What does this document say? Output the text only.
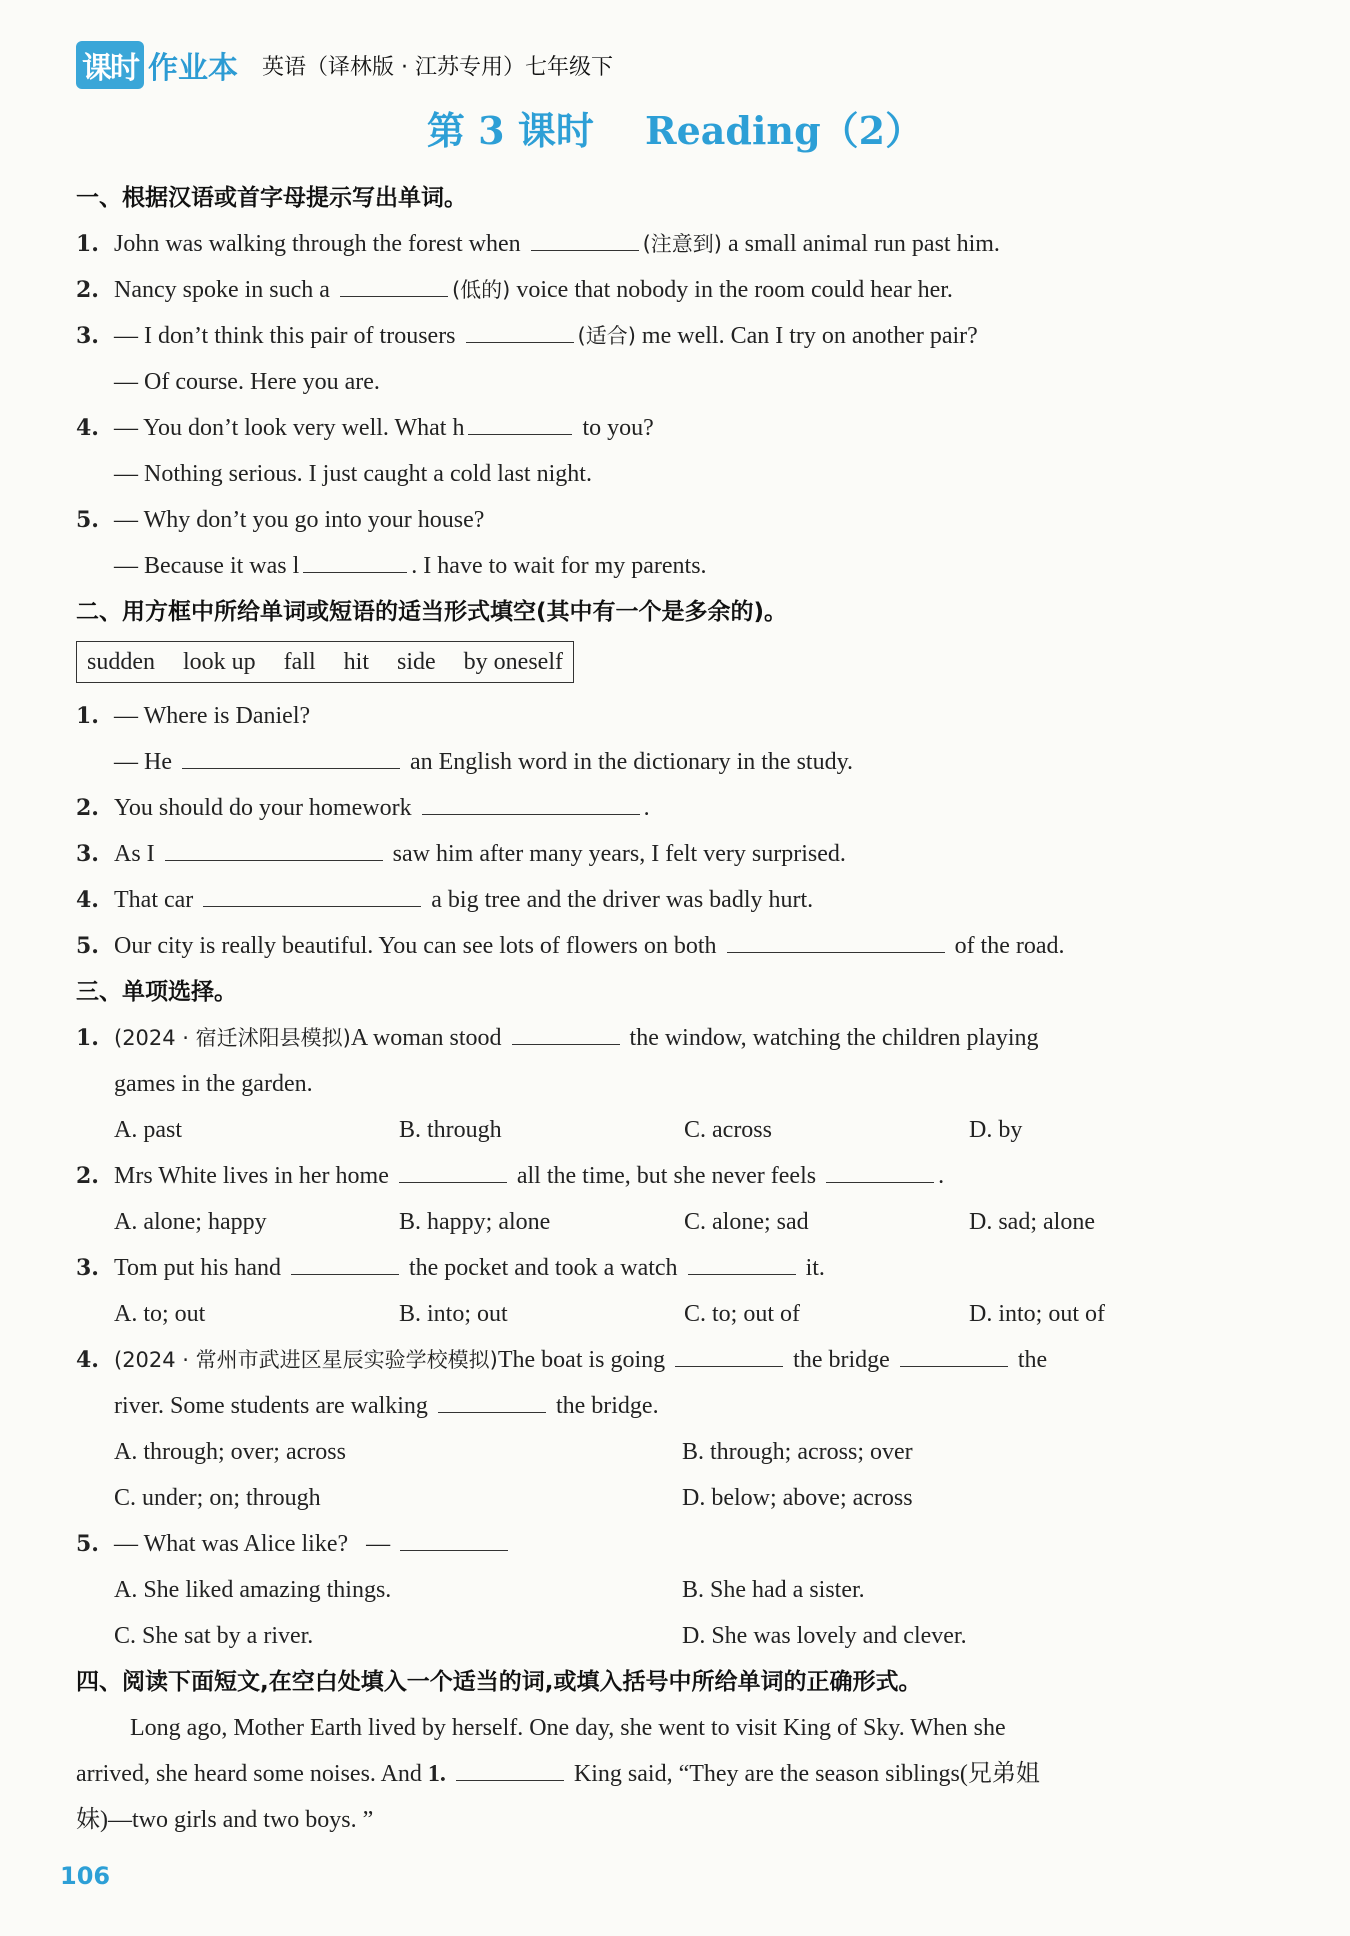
课时 作业本 英语（译林版 · 江苏专用）七年级下
第 3 课时　 Reading（2）
一、根据汉语或首字母提示写出单词。
1. John was walking through the forest when	(注意到) a small animal run past him.
2. Nancy spoke in such a	(低的) voice that nobody in the room could hear her.
3. — I don’t think this pair of trousers	(适合) me well. Can I try on another pair?
— Of course. Here you are.
4. — You don’t look very well. What h	to you?
— Nothing serious. I just caught a cold last night.
5. — Why don’t you go into your house?
— Because it was l	. I have to wait for my parents.
二、用方框中所给单词或短语的适当形式填空(其中有一个是多余的)。
sudden look up fall hit side by oneself
1. — Where is Daniel?
— He	an English word in the dictionary in the study.
2. You should do your homework	.
3. As I	saw him after many years, I felt very surprised.
4. That car	a big tree and the driver was badly hurt.
5. Our city is really beautiful. You can see lots of flowers on both	of the road.
三、单项选择。
1. (2024 · 宿迁沭阳县模拟)A woman stood	the window, watching the children playing
games in the garden.
A. past	B. through	C. across	D. by
2. Mrs White lives in her home	all the time, but she never feels	.
A. alone; happy	B. happy; alone	C. alone; sad	D. sad; alone
3. Tom put his hand	the pocket and took a watch	it.
A. to; out	B. into; out	C. to; out of	D. into; out of
4. (2024 · 常州市武进区星辰实验学校模拟)The boat is going	the bridge	the
river. Some students are walking	the bridge.
A. through; over; across	B. through; across; over
C. under; on; through	D. below; above; across
5. — What was Alice like? —
A. She liked amazing things.	B. She had a sister.
C. She sat by a river.	D. She was lovely and clever.
四、阅读下面短文,在空白处填入一个适当的词,或填入括号中所给单词的正确形式。
Long ago, Mother Earth lived by herself. One day, she went to visit King of Sky. When she
arrived, she heard some noises. And 1.	King said, “They are the season siblings(兄弟姐
妹)—two girls and two boys. ”
106
